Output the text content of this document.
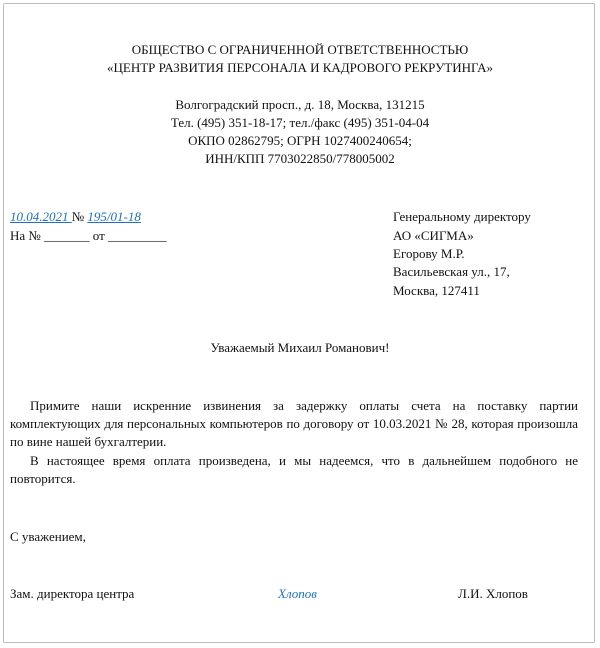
ОБЩЕСТВО С ОГРАНИЧЕННОЙ ОТВЕТСТВЕННОСТЬЮ
«ЦЕНТР РАЗВИТИЯ ПЕРСОНАЛА И КАДРОВОГО РЕКРУТИНГА»
Волгоградский просп., д. 18, Москва, 131215
Тел. (495) 351-18-17; тел./факс (495) 351-04-04
ОКПО 02862795; ОГРН 1027400240654;
ИНН/КПП 7703022850/778005002
10.04.2021 № 195/01-18
На № _______ от _________
Генеральному директору
АО «СИГМА»
Егорову М.Р.
Васильевская ул., 17,
Москва, 127411
Уважаемый Михаил Романович!
Примите наши искренние извинения за задержку оплаты счета на поставку партии комплектующих для персональных компьютеров по договору от 10.03.2021 № 28, которая произошла по вине нашей бухгалтерии.
В настоящее время оплата произведена, и мы надеемся, что в дальнейшем подобного не повторится.
С уважением,
Зам. директора центра	Хлопов	Л.И. Хлопов
